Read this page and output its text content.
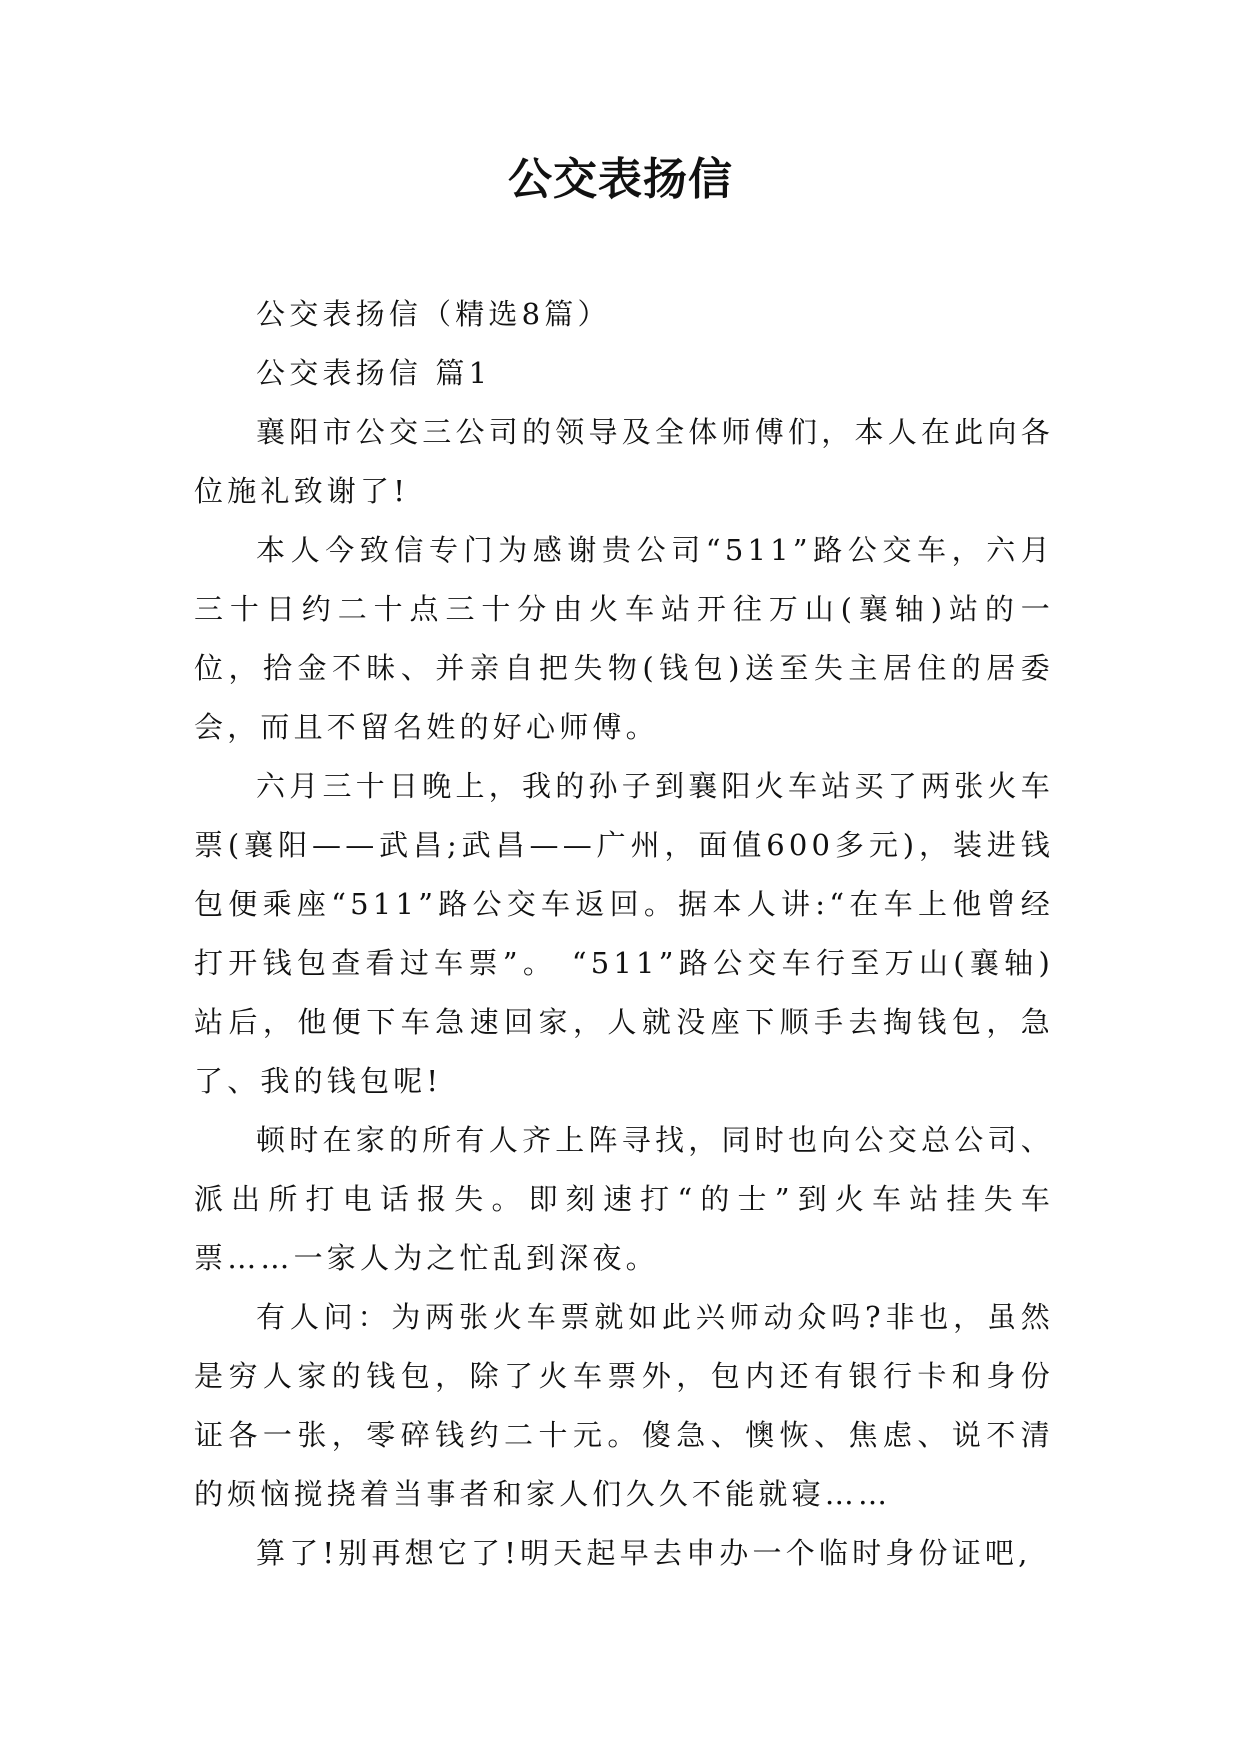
公交表扬信

公交表扬信（精选8篇）

公交表扬信 篇1

襄阳市公交三公司的领导及全体师傅们，本人在此向各位施礼致谢了!

本人今致信专门为感谢贵公司“511”路公交车，六月三十日约二十点三十分由火车站开往万山(襄轴)站的一位，拾金不昧、并亲自把失物(钱包)送至失主居住的居委会，而且不留名姓的好心师傅。

六月三十日晚上，我的孙子到襄阳火车站买了两张火车票(襄阳——武昌;武昌——广州，面值600多元)，装进钱包便乘座“511”路公交车返回。据本人讲:“在车上他曾经打开钱包查看过车票”。 “511”路公交车行至万山(襄轴)站后，他便下车急速回家，人就没座下顺手去掏钱包，急了、我的钱包呢!

顿时在家的所有人齐上阵寻找，同时也向公交总公司、派出所打电话报失。即刻速打“的士”到火车站挂失车票……一家人为之忙乱到深夜。

有人问：为两张火车票就如此兴师动众吗?非也，虽然是穷人家的钱包，除了火车票外，包内还有银行卡和身份证各一张，零碎钱约二十元。傻急、懊恢、焦虑、说不清的烦恼搅挠着当事者和家人们久久不能就寝……

算了!别再想它了!明天起早去申办一个临时身份证吧,
